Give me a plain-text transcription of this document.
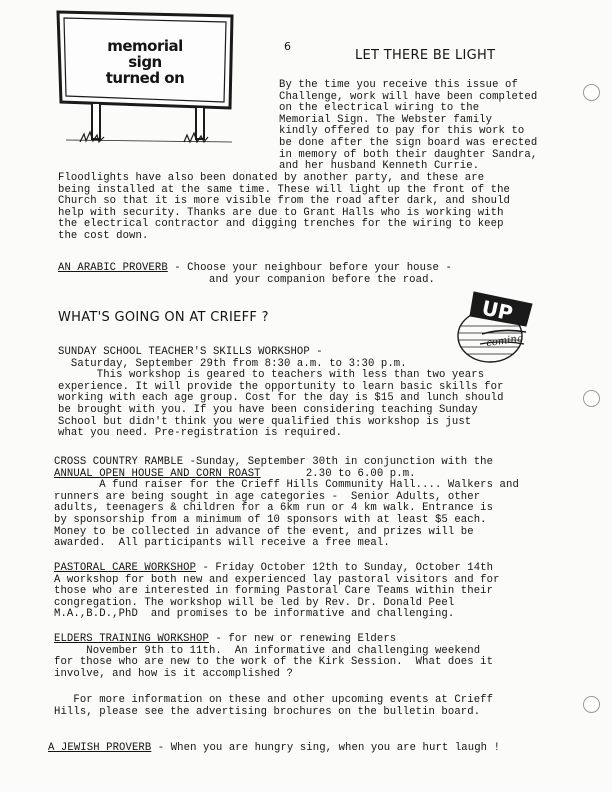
memorial
sign
turned on
6
LET THERE BE LIGHT
By the time you receive this issue of
Challenge, work will have been completed
on the electrical wiring to the
Memorial Sign. The Webster family
kindly offered to pay for this work to
be done after the sign board was erected
in memory of both their daughter Sandra,
and her husband Kenneth Currie.
Floodlights have also been donated by another party, and these are
being installed at the same time. These will light up the front of the
Church so that it is more visible from the road after dark, and should
help with security. Thanks are due to Grant Halls who is working with
the electrical contractor and digging trenches for the wiring to keep
the cost down.
AN ARABIC PROVERB - Choose your neighbour before your house -
and your companion before the road.
WHAT'S GOING ON AT CRIEFF ?	UP
coming
SUNDAY SCHOOL TEACHER'S SKILLS WORKSHOP -
Saturday, September 29th from 8:30 a.m. to 3:30 p.m.
This workshop is geared to teachers with less than two years
experience. It will provide the opportunity to learn basic skills for
working with each age group. Cost for the day is $15 and lunch should
be brought with you. If you have been considering teaching Sunday
School but didn't think you were qualified this workshop is just
what you need. Pre-registration is required.
CROSS COUNTRY RAMBLE -Sunday, September 30th in conjunction with the
ANNUAL OPEN HOUSE AND CORN ROAST       2.30 to 6.00 p.m.
A fund raiser for the Crieff Hills Community Hall.... Walkers and
runners are being sought in age categories -  Senior Adults, other
adults, teenagers & children for a 6km run or 4 km walk. Entrance is
by sponsorship from a minimum of 10 sponsors with at least $5 each.
Money to be collected in advance of the event, and prizes will be
awarded.  All participants will receive a free meal.
PASTORAL CARE WORKSHOP - Friday October 12th to Sunday, October 14th
A workshop for both new and experienced lay pastoral visitors and for
those who are interested in forming Pastoral Care Teams within their
congregation. The workshop will be led by Rev. Dr. Donald Peel
M.A.,B.D.,PhD  and promises to be informative and challenging.
ELDERS TRAINING WORKSHOP - for new or renewing Elders
November 9th to 11th.  An informative and challenging weekend
for those who are new to the work of the Kirk Session.  What does it
involve, and how is it accomplished ?
For more information on these and other upcoming events at Crieff
Hills, please see the advertising brochures on the bulletin board.
A JEWISH PROVERB - When you are hungry sing, when you are hurt laugh !
